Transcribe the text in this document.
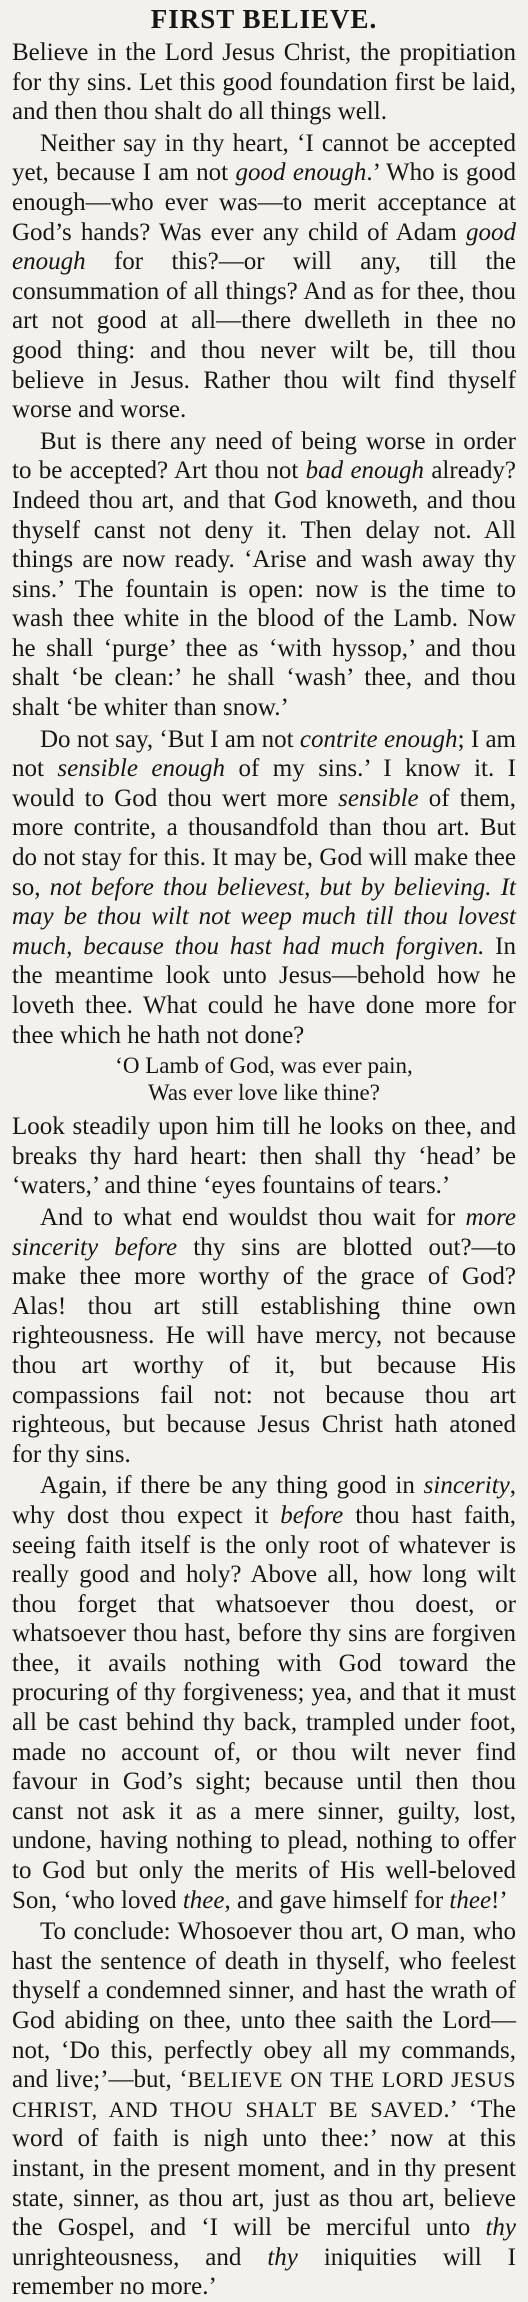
FIRST BELIEVE.

Believe in the Lord Jesus Christ, the propitiation for thy sins. Let this good foundation first be laid, and then thou shalt do all things well.

Neither say in thy heart, ‘I cannot be accepted yet, because I am not good enough.’ Who is good enough—who ever was—to merit acceptance at God’s hands? Was ever any child of Adam good enough for this?—or will any, till the consummation of all things? And as for thee, thou art not good at all—there dwelleth in thee no good thing: and thou never wilt be, till thou believe in Jesus. Rather thou wilt find thyself worse and worse.

But is there any need of being worse in order to be accepted? Art thou not bad enough already? Indeed thou art, and that God knoweth, and thou thyself canst not deny it. Then delay not. All things are now ready. ‘Arise and wash away thy sins.’ The fountain is open: now is the time to wash thee white in the blood of the Lamb. Now he shall ‘purge’ thee as ‘with hyssop,’ and thou shalt ‘be clean:’ he shall ‘wash’ thee, and thou shalt ‘be whiter than snow.’

Do not say, ‘But I am not contrite enough; I am not sensible enough of my sins.’ I know it. I would to God thou wert more sensible of them, more contrite, a thousandfold than thou art. But do not stay for this. It may be, God will make thee so, not before thou believest, but by believing. It may be thou wilt not weep much till thou lovest much, because thou hast had much forgiven. In the meantime look unto Jesus—behold how he loveth thee. What could he have done more for thee which he hath not done?

‘O Lamb of God, was ever pain,
Was ever love like thine?

Look steadily upon him till he looks on thee, and breaks thy hard heart: then shall thy ‘head’ be ‘waters,’ and thine ‘eyes fountains of tears.’

And to what end wouldst thou wait for more sincerity before thy sins are blotted out?—to make thee more worthy of the grace of God? Alas! thou art still establishing thine own righteousness. He will have mercy, not because thou art worthy of it, but because His compassions fail not: not because thou art righteous, but because Jesus Christ hath atoned for thy sins.

Again, if there be any thing good in sincerity, why dost thou expect it before thou hast faith, seeing faith itself is the only root of whatever is really good and holy? Above all, how long wilt thou forget that whatsoever thou doest, or whatsoever thou hast, before thy sins are forgiven thee, it avails nothing with God toward the procuring of thy forgiveness; yea, and that it must all be cast behind thy back, trampled under foot, made no account of, or thou wilt never find favour in God’s sight; because until then thou canst not ask it as a mere sinner, guilty, lost, undone, having nothing to plead, nothing to offer to God but only the merits of His well-beloved Son, ‘who loved thee, and gave himself for thee!’

To conclude: Whosoever thou art, O man, who hast the sentence of death in thyself, who feelest thyself a condemned sinner, and hast the wrath of God abiding on thee, unto thee saith the Lord—not, ‘Do this, perfectly obey all my commands, and live;’—but, ‘BELIEVE ON THE LORD JESUS CHRIST, AND THOU SHALT BE SAVED.’ ‘The word of faith is nigh unto thee:’ now at this instant, in the present moment, and in thy present state, sinner, as thou art, just as thou art, believe the Gospel, and ‘I will be merciful unto thy unrighteousness, and thy iniquities will I remember no more.’
